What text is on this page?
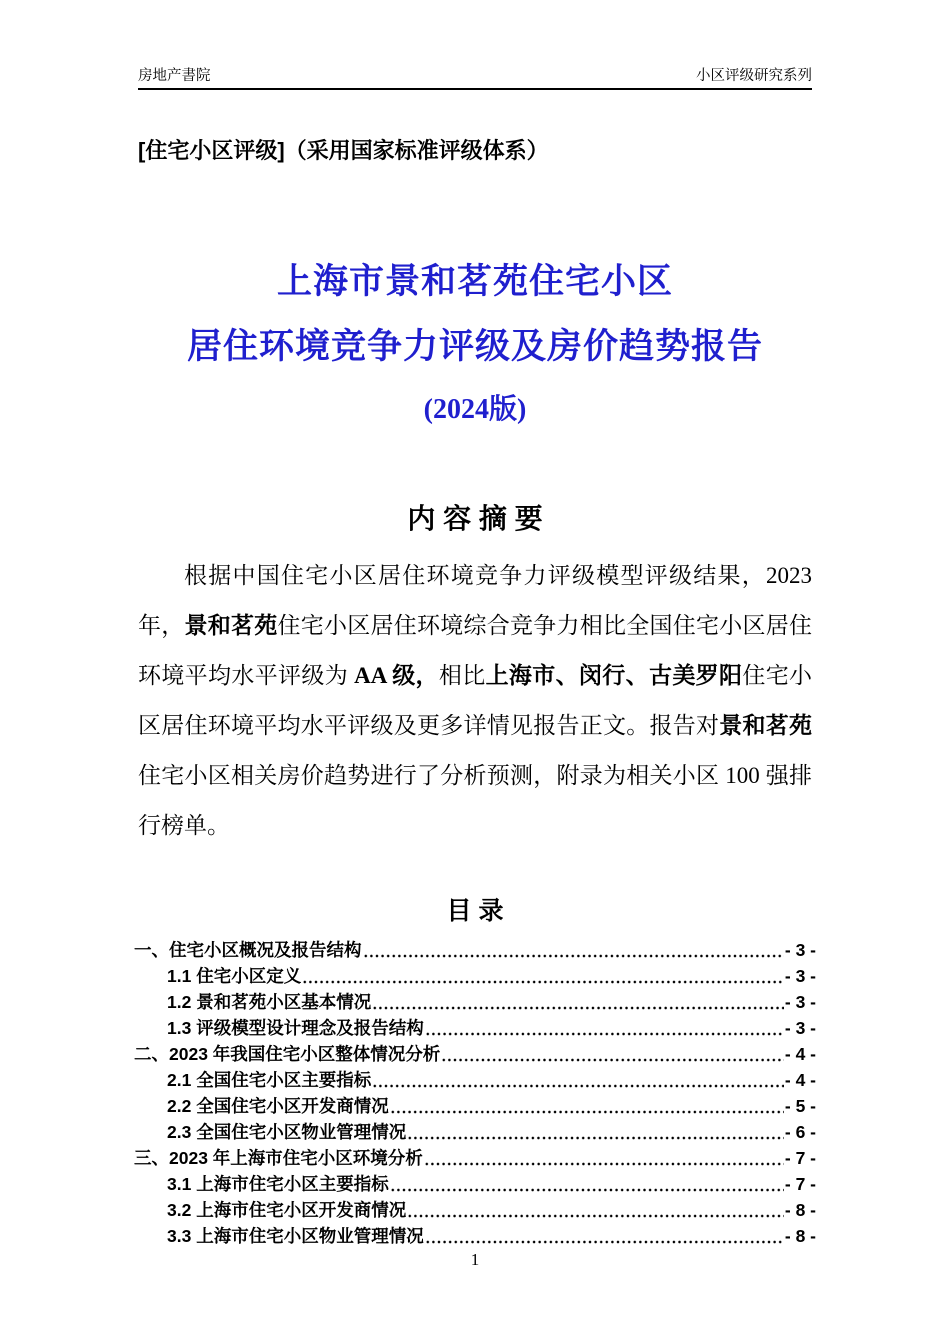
房地产書院	小区评级研究系列
[住宅小区评级]（采用国家标准评级体系）
上海市景和茗苑住宅小区
居住环境竞争力评级及房价趋势报告
(2024版)
内 容 摘 要

根据中国住宅小区居住环境竞争力评级模型评级结果，2023 年，景和茗苑住宅小区居住环境综合竞争力相比全国住宅小区居住环境平均水平评级为 AA 级，相比上海市、闵行、古美罗阳住宅小区居住环境平均水平评级及更多详情见报告正文。报告对景和茗苑住宅小区相关房价趋势进行了分析预测，附录为相关小区 100 强排行榜单。

目 录
一、住宅小区概况及报告结构	- 3 -
1.1 住宅小区定义	- 3 -
1.2 景和茗苑小区基本情况	- 3 -
1.3 评级模型设计理念及报告结构	- 3 -
二、2023 年我国住宅小区整体情况分析	- 4 -
2.1 全国住宅小区主要指标	- 4 -
2.2 全国住宅小区开发商情况	- 5 -
2.3 全国住宅小区物业管理情况	- 6 -
三、2023 年上海市住宅小区环境分析	- 7 -
3.1 上海市住宅小区主要指标	- 7 -
3.2 上海市住宅小区开发商情况	- 8 -
3.3 上海市住宅小区物业管理情况	- 8 -
1
